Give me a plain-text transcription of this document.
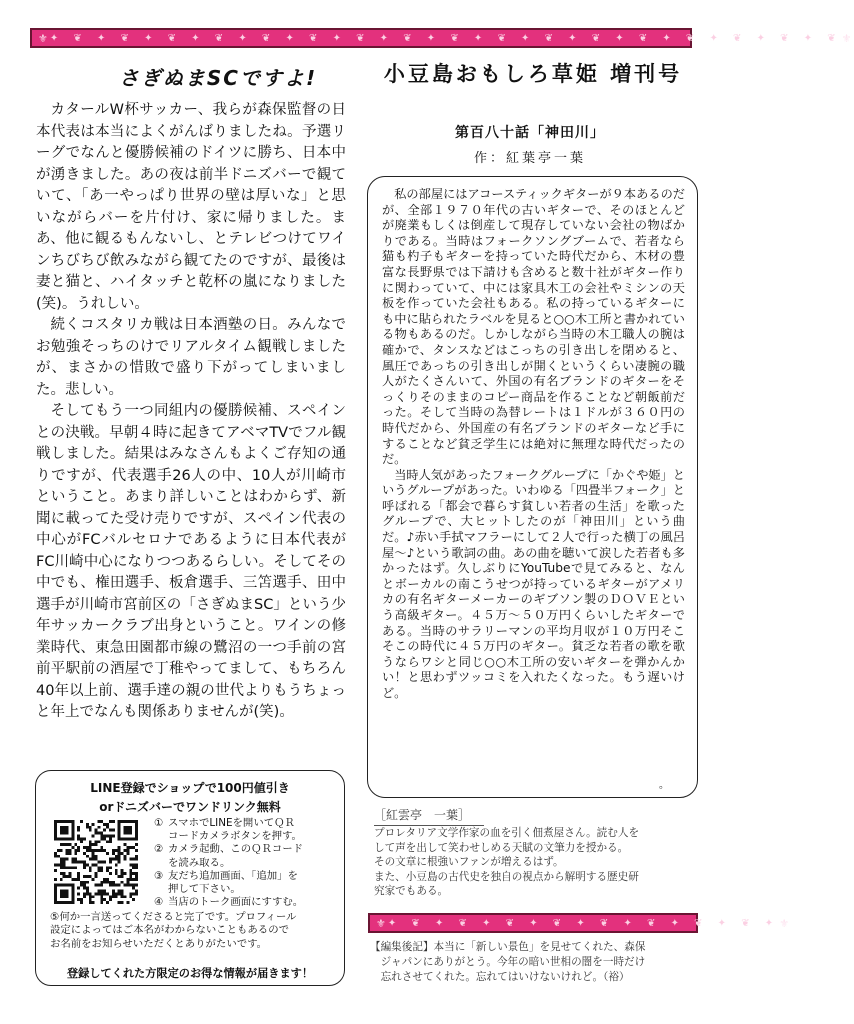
⚜ ✦ ❦ ✦ ❦ ✦ ❦ ✦ ❦ ✦ ❦ ✦ ❦ ✦ ❦ ✦ ❦ ✦ ❦ ✦ ❦ ✦ ❦ ✦ ❦ ✦ ❦ ✦ ❦ ✦ ❦ ✦ ❦ ✦ ❦ ⚜
さぎぬまSCですよ!

カタールW杯サッカー、我らが森保監督の日本代表は本当によくがんばりましたね。予選リーグでなんと優勝候補のドイツに勝ち、日本中が湧きました。あの夜は前半ドニズバーで観ていて、「あ一やっぱり世界の壁は厚いな」と思いながらバーを片付け、家に帰りました。まあ、他に観るもんないし、とテレビつけてワインちびちび飲みながら観てたのですが、最後は妻と猫と、ハイタッチと乾杯の嵐になりました(笑)。うれしい。

続くコスタリカ戦は日本酒塾の日。みんなでお勉強そっちのけでリアルタイム観戦しましたが、まさかの惜敗で盛り下がってしまいました。悲しい。

そしてもう一つ同組内の優勝候補、スペインとの決戦。早朝４時に起きてアベマTVでフル観戦しました。結果はみなさんもよくご存知の通りですが、代表選手26人の中、10人が川崎市ということ。あまり詳しいことはわからず、新聞に載ってた受け売りですが、スペイン代表の中心がFCバルセロナであるように日本代表がFC川崎中心になりつつあるらしい。そしてその中でも、権田選手、板倉選手、三笘選手、田中選手が川崎市宮前区の「さぎぬまSC」という少年サッカークラブ出身ということ。ワインの修業時代、東急田園都市線の鷺沼の一つ手前の宮前平駅前の酒屋で丁稚やってまして、もちろん40年以上前、選手達の親の世代よりもうちょっと年上でなんも関係ありませんが(笑)。

LINE登録でショップで100円値引き
orドニズバーでワンドリンク無料
① スマホでLINEを開いてＱＲ
コードカメラボタンを押す。
② カメラ起動、このＱＲコード
を読み取る。
③ 友だち追加画面、「追加」を
押して下さい。
④ 当店のトーク画面にすすむ。
⑤何か一言送ってくださると完了です。プロフィール
設定によってはご本名がわからないこともあるので
お名前をお知らせいただくとありがたいです。
登録してくれた方限定のお得な情報が届きます！
小豆島おもしろ草姫 増刊号
第百八十話「神田川」
作：紅葉亭一葉

私の部屋にはアコースティックギターが９本あるのだが、全部１９７０年代の古いギターで、そのほとんどが廃業もしくは倒産して現存していない会社の物ばかりである。当時はフォークソングブームで、若者なら猫も杓子もギターを持っていた時代だから、木材の豊富な長野県では下請けも含めると数十社がギター作りに関わっていて、中には家具木工の会社やミシンの天板を作っていた会社もある。私の持っているギターにも中に貼られたラベルを見ると○○木工所と書かれている物もあるのだ。しかしながら当時の木工職人の腕は確かで、タンスなどはこっちの引き出しを閉めると、風圧であっちの引き出しが開くというくらい凄腕の職人がたくさんいて、外国の有名ブランドのギターをそっくりそのままのコピー商品を作ることなど朝飯前だった。そして当時の為替レートは１ドルが３６０円の時代だから、外国産の有名ブランドのギターなど手にすることなど貧乏学生には絶対に無理な時代だったのだ。

当時人気があったフォークグループに「かぐや姫」というグループがあった。いわゆる「四畳半フォーク」と呼ばれる「都会で暮らす貧しい若者の生活」を歌ったグループで、大ヒットしたのが「神田川」という曲だ。♪赤い手拭マフラーにして２人で行った横丁の風呂屋〜♪という歌詞の曲。あの曲を聴いて涙した若者も多かったはず。久しぶりにYouTubeで見てみると、なんとボーカルの南こうせつが持っているギターがアメリカの有名ギターメーカーのギブソン製のＤＯＶＥという高級ギター。４５万〜５０万円くらいしたギターである。当時のサラリーマンの平均月収が１０万円そこそこの時代に４５万円のギター。貧乏な若者の歌を歌うならワシと同じ○○木工所の安いギターを弾かんかい！と思わずツッコミを入れたくなった。もう遅いけど。

。
［紅雲亭　一葉］
プロレタリア文学作家の血を引く佃煮屋さん。読む人を
して声を出して笑わせしめる天賦の文筆力を授かる。
その文章に根強いファンが増えるはず。
また、小豆島の古代史を独自の視点から解明する歴史研
究家でもある。
⚜ ✦ ❦ ✦ ❦ ✦ ❦ ✦ ❦ ✦ ❦ ✦ ❦ ✦ ❦ ✦ ❦ ✦ ⚜
【編集後記】本当に「新しい景色」を見せてくれた、森保
　ジャパンにありがとう。今年の暗い世相の闇を一時だけ
　忘れさせてくれた。忘れてはいけないけれど。（裕）
